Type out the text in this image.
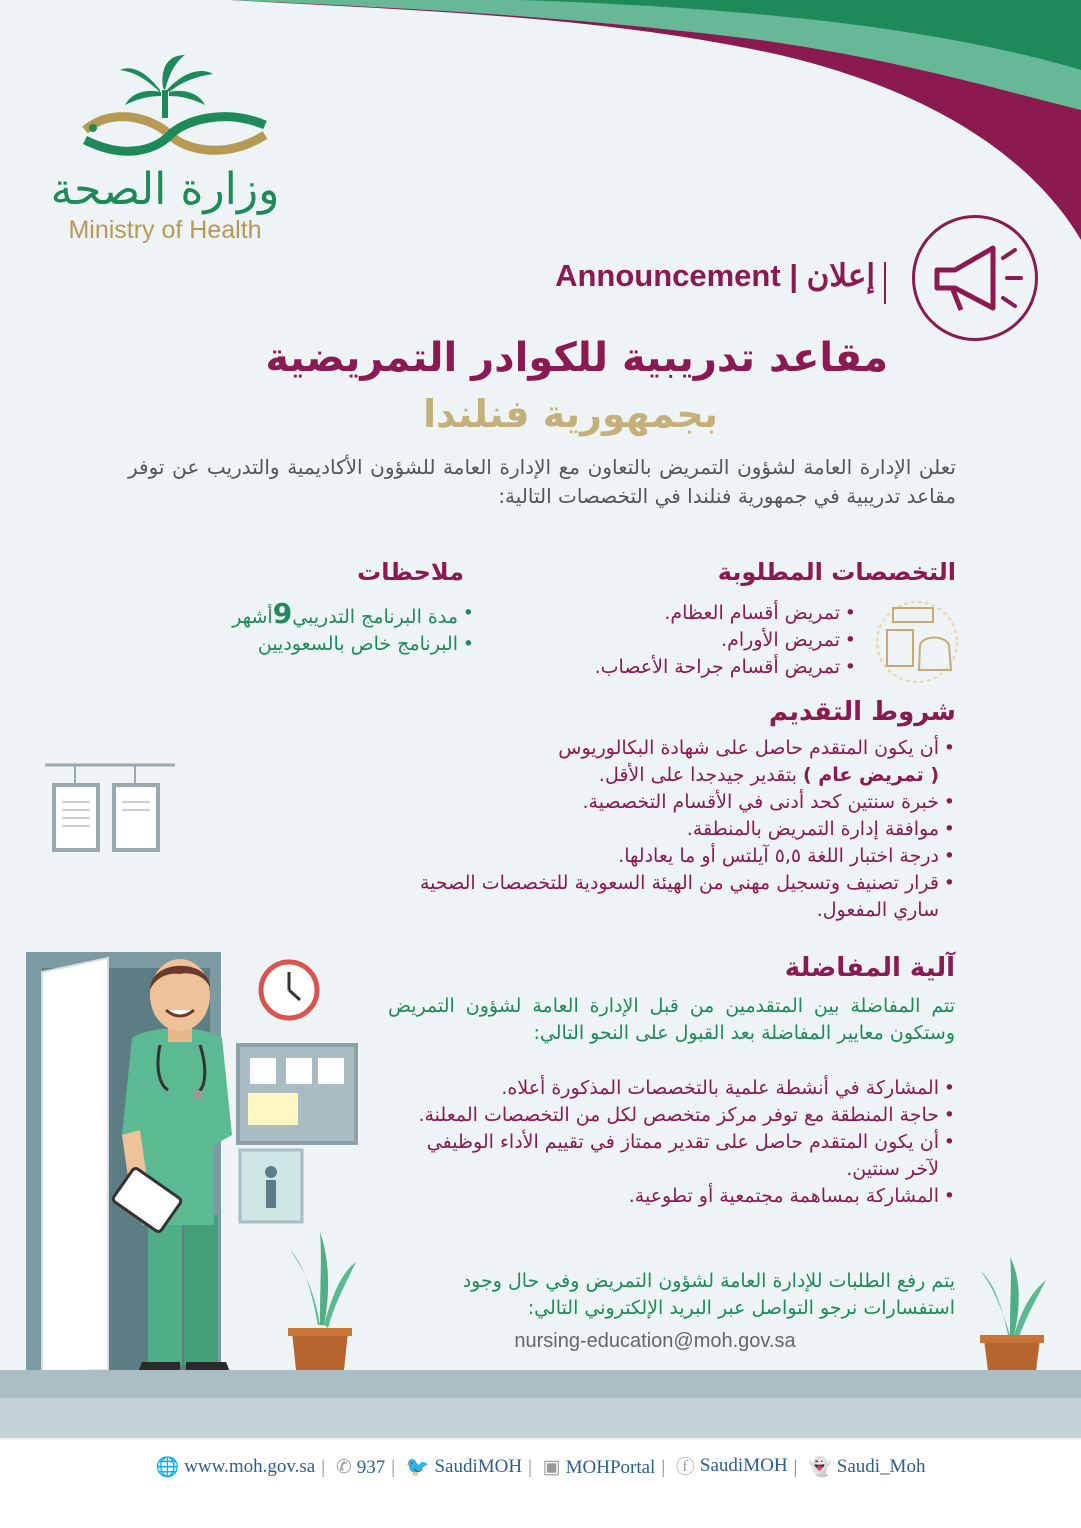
وزارة الصحة
Ministry of Health
Announcement | إعلان
مقاعد تدريبية للكوادر التمريضية
بجمهورية فنلندا
تعلن الإدارة العامة لشؤون التمريض بالتعاون مع الإدارة العامة للشؤون الأكاديمية والتدريب عن توفر مقاعد تدريبية في جمهورية فنلندا في التخصصات التالية:
التخصصات المطلوبة
• تمريض أقسام العظام.
• تمريض الأورام.
• تمريض أقسام جراحة الأعصاب.
ملاحظات
• مدة البرنامج التدريبي9أشهر
• البرنامج خاص بالسعوديين
شروط التقديم
• أن يكون المتقدم حاصل على شهادة البكالوريوس
( تمريض عام ) بتقدير جيدجدا على الأقل.
• خبرة سنتين كحد أدنى في الأقسام التخصصية.
• موافقة إدارة التمريض بالمنطقة.
• درجة اختبار اللغة ٥,٥ آيلتس أو ما يعادلها.
• قرار تصنيف وتسجيل مهني من الهيئة السعودية للتخصصات الصحية ساري المفعول.
آلية المفاضلة
تتم المفاضلة بين المتقدمين من قبل الإدارة العامة لشؤون التمريض وستكون معايير المفاضلة بعد القبول على النحو التالي:
• المشاركة في أنشطة علمية بالتخصصات المذكورة أعلاه.
• حاجة المنطقة مع توفر مركز متخصص لكل من التخصصات المعلنة.
• أن يكون المتقدم حاصل على تقدير ممتاز في تقييم الأداء الوظيفي لآخر سنتين.
• المشاركة بمساهمة مجتمعية أو تطوعية.
يتم رفع الطلبات للإدارة العامة لشؤون التمريض وفي حال وجود استفسارات نرجو التواصل عبر البريد الإلكتروني التالي:
nursing-education@moh.gov.sa
🌐 www.moh.gov.sa | ✆ 937 | 🐦 SaudiMOH | ▣ MOHPortal | ⓕ SaudiMOH | 👻 Saudi_Moh
